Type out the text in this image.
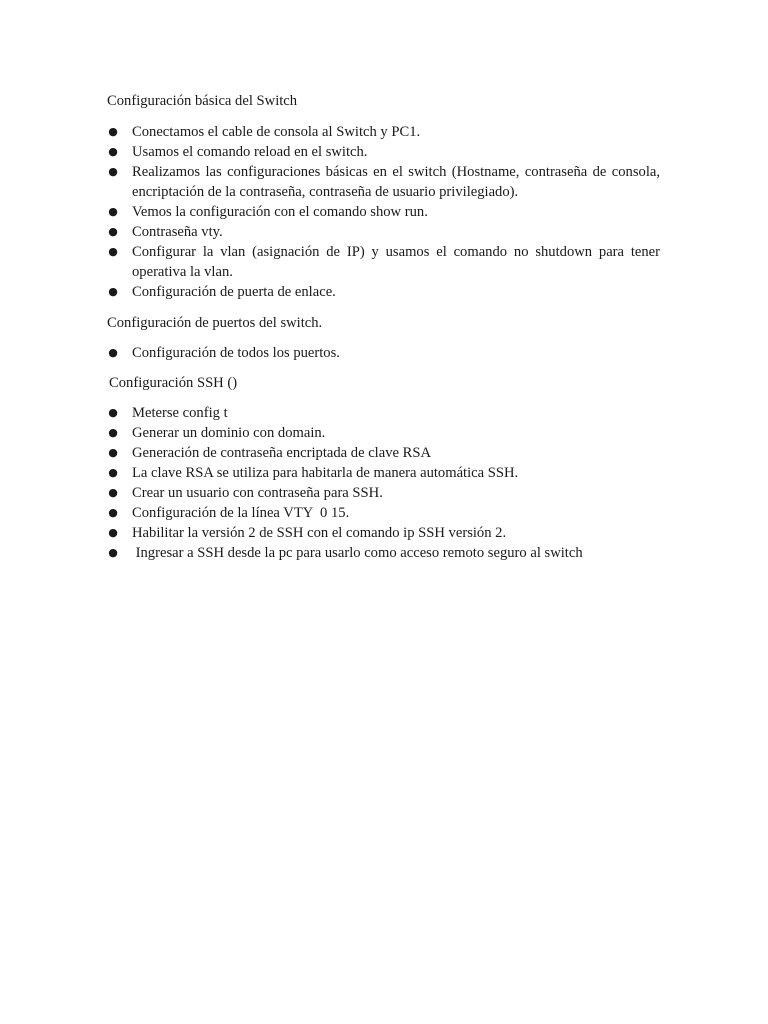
Configuración básica del Switch

● Conectamos el cable de consola al Switch y PC1.
● Usamos el comando reload en el switch.
● Realizamos las configuraciones básicas en el switch (Hostname, contraseña de consola, encriptación de la contraseña, contraseña de usuario privilegiado).
● Vemos la configuración con el comando show run.
● Contraseña vty.
● Configurar la vlan (asignación de IP) y usamos el comando no shutdown para tener operativa la vlan.
● Configuración de puerta de enlace.

Configuración de puertos del switch.

● Configuración de todos los puertos.

Configuración SSH ()

● Meterse config t
● Generar un dominio con domain.
● Generación de contraseña encriptada de clave RSA
● La clave RSA se utiliza para habitarla de manera automática SSH.
● Crear un usuario con contraseña para SSH.
● Configuración de la línea VTY  0 15.
● Habilitar la versión 2 de SSH con el comando ip SSH versión 2.
● Ingresar a SSH desde la pc para usarlo como acceso remoto seguro al switch
